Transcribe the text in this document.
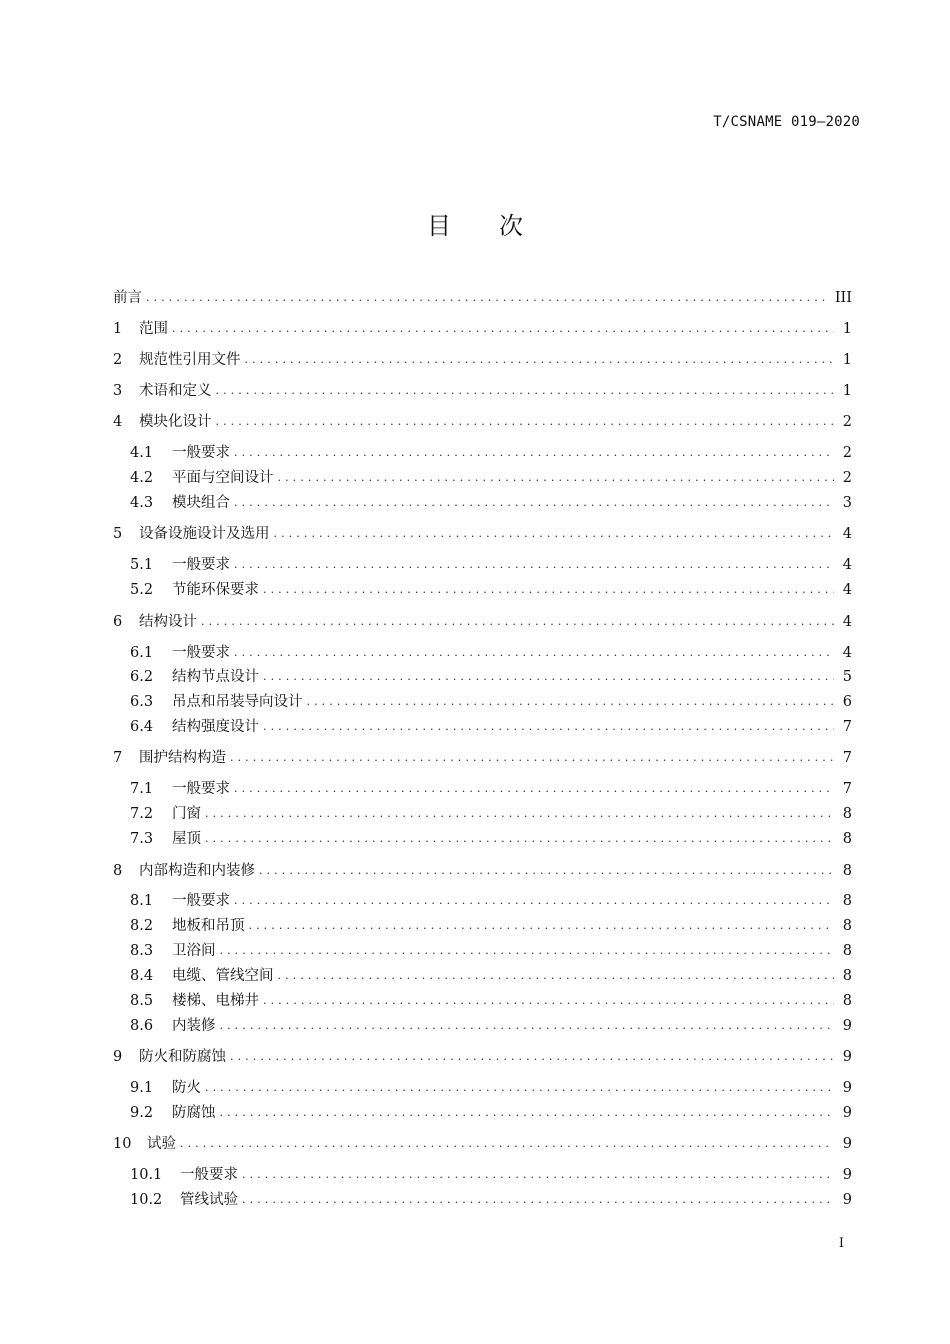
T/CSNAME 019—2020
目次
前言 . . .	III
1	范围 . . .	1
2	规范性引用文件 . . .	1
3	术语和定义 . . .	1
4	模块化设计 . . .	2
4.1	一般要求 . . .	2
4.2	平面与空间设计 . . .	2
4.3	模块组合 . . .	3
5	设备设施设计及选用 . . .	4
5.1	一般要求 . . .	4
5.2	节能环保要求 . . .	4
6	结构设计 . . .	4
6.1	一般要求 . . .	4
6.2	结构节点设计 . . .	5
6.3	吊点和吊装导向设计 . . .	6
6.4	结构强度设计 . . .	7
7	围护结构构造 . . .	7
7.1	一般要求 . . .	7
7.2	门窗 . . .	8
7.3	屋顶 . . .	8
8	内部构造和内装修 . . .	8
8.1	一般要求 . . .	8
8.2	地板和吊顶 . . .	8
8.3	卫浴间 . . .	8
8.4	电缆、管线空间 . . .	8
8.5	楼梯、电梯井 . . .	8
8.6	内装修 . . .	9
9	防火和防腐蚀 . . .	9
9.1	防火 . . .	9
9.2	防腐蚀 . . .	9
10	试验 . . .	9
10.1	一般要求 . . .	9
10.2	管线试验 . . .	9
I
